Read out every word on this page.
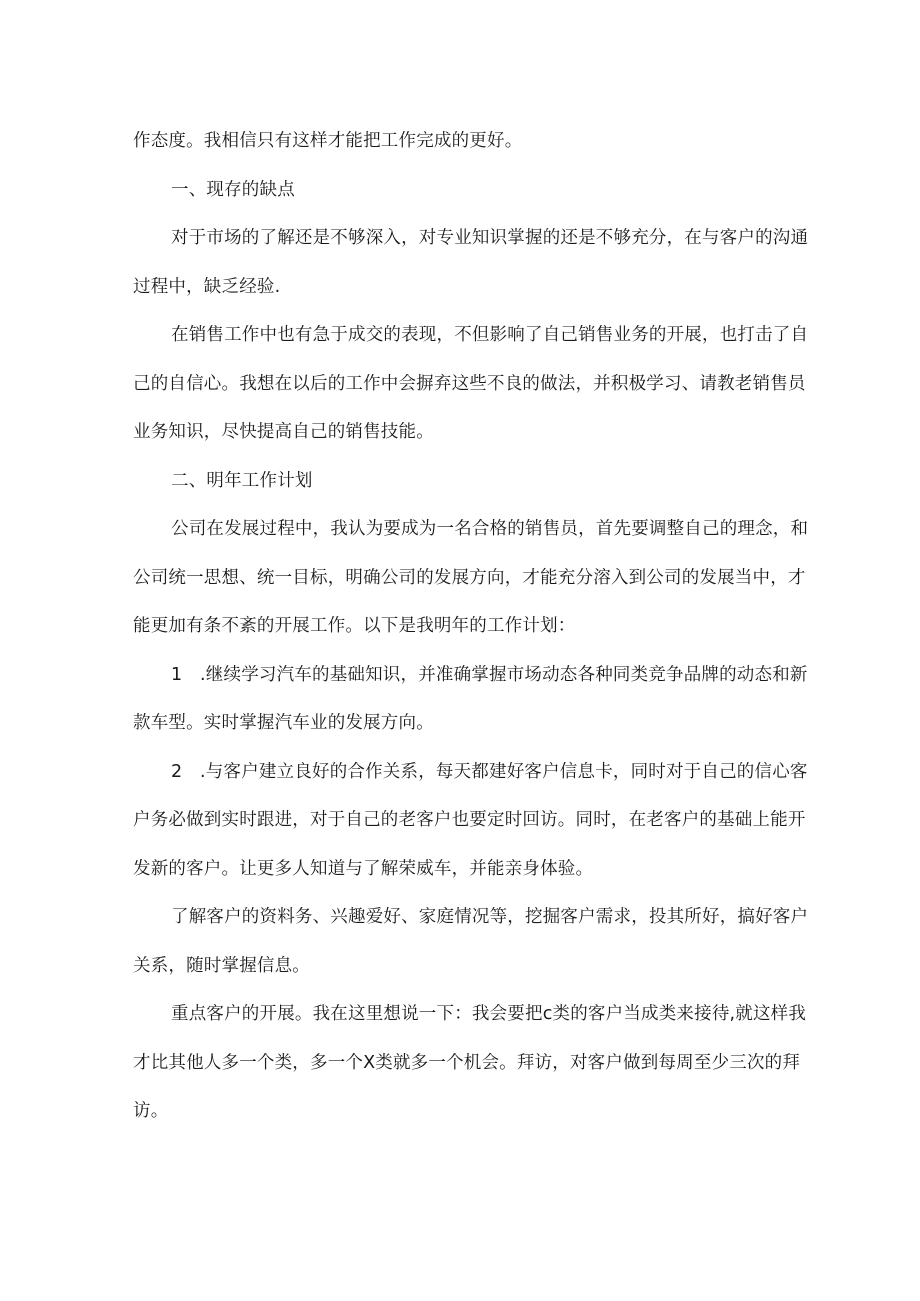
作态度。我相信只有这样才能把工作完成的更好。
一、现存的缺点
对于市场的了解还是不够深入，对专业知识掌握的还是不够充分，在与客户的沟通
过程中，缺乏经验.
在销售工作中也有急于成交的表现，不但影响了自己销售业务的开展，也打击了自
己的自信心。我想在以后的工作中会摒弃这些不良的做法，并积极学习、请教老销售员
业务知识，尽快提高自己的销售技能。
二、明年工作计划
公司在发展过程中，我认为要成为一名合格的销售员，首先要调整自己的理念，和
公司统一思想、统一目标，明确公司的发展方向，才能充分溶入到公司的发展当中，才
能更加有条不紊的开展工作。以下是我明年的工作计划：
1　.继续学习汽车的基础知识，并准确掌握市场动态各种同类竞争品牌的动态和新
款车型。实时掌握汽车业的发展方向。
2　.与客户建立良好的合作关系，每天都建好客户信息卡，同时对于自己的信心客
户务必做到实时跟进，对于自己的老客户也要定时回访。同时，在老客户的基础上能开
发新的客户。让更多人知道与了解荣威车，并能亲身体验。
了解客户的资料务、兴趣爱好、家庭情况等，挖掘客户需求，投其所好，搞好客户
关系，随时掌握信息。
重点客户的开展。我在这里想说一下：我会要把c类的客户当成类来接待,就这样我
才比其他人多一个类，多一个X类就多一个机会。拜访，对客户做到每周至少三次的拜
访。
